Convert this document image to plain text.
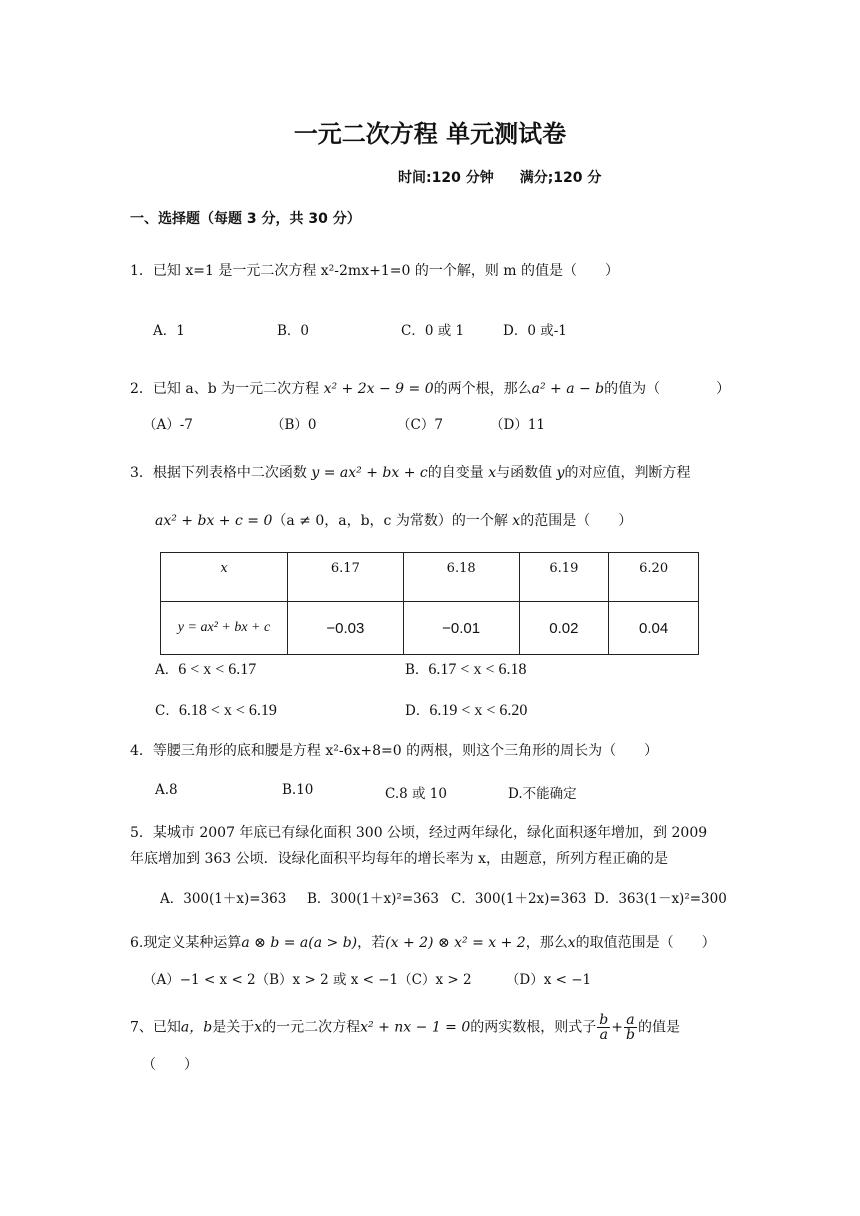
一元二次方程 单元测试卷
时间:120 分钟 满分;120 分
一、选择题（每题 3 分，共 30 分）
1．已知 x=1 是一元二次方程 x²-2mx+1=0 的一个解，则 m 的值是（　　）
A．1	B．0	C．0 或 1	D．0 或-1
2．已知 a、b 为一元二次方程 x² + 2x − 9 = 0的两个根，那么a² + a − b的值为（　　　　）
（A）-7	（B）0	（C）7	（D）11
3．根据下列表格中二次函数 y = ax² + bx + c的自变量 x与函数值 y的对应值，判断方程
ax² + bx + c = 0（a ≠ 0，a，b，c 为常数）的一个解 x的范围是（　　）
x	6.17	6.18	6.19	6.20
y = ax² + bx + c	−0.03	−0.01	0.02	0.04
A．6 < x < 6.17	B．6.17 < x < 6.18
C．6.18 < x < 6.19	D．6.19 < x < 6.20
4．等腰三角形的底和腰是方程 x²-6x+8=0 的两根，则这个三角形的周长为（　　）
A.8	B.10	C.8 或 10	D.不能确定
5．某城市 2007 年底已有绿化面积 300 公顷，经过两年绿化，绿化面积逐年增加，到 2009
年底增加到 363 公顷．设绿化面积平均每年的增长率为 x，由题意，所列方程正确的是
A．300(1＋x)=363 B．300(1＋x)²=363 C．300(1＋2x)=363 D．363(1－x)²=300
6.现定义某种运算a ⊗ b = a(a > b)，若(x + 2) ⊗ x² = x + 2，那么x的取值范围是（　　）
（A）−1 < x < 2（B）x > 2 或 x < −1（C）x > 2	（D）x < −1
7、已知a，b是关于x的一元二次方程x² + nx − 1 = 0的两实数根，则式子 $\frac{b}{a} + \frac{a}{b}$ 的值是
（　　）
